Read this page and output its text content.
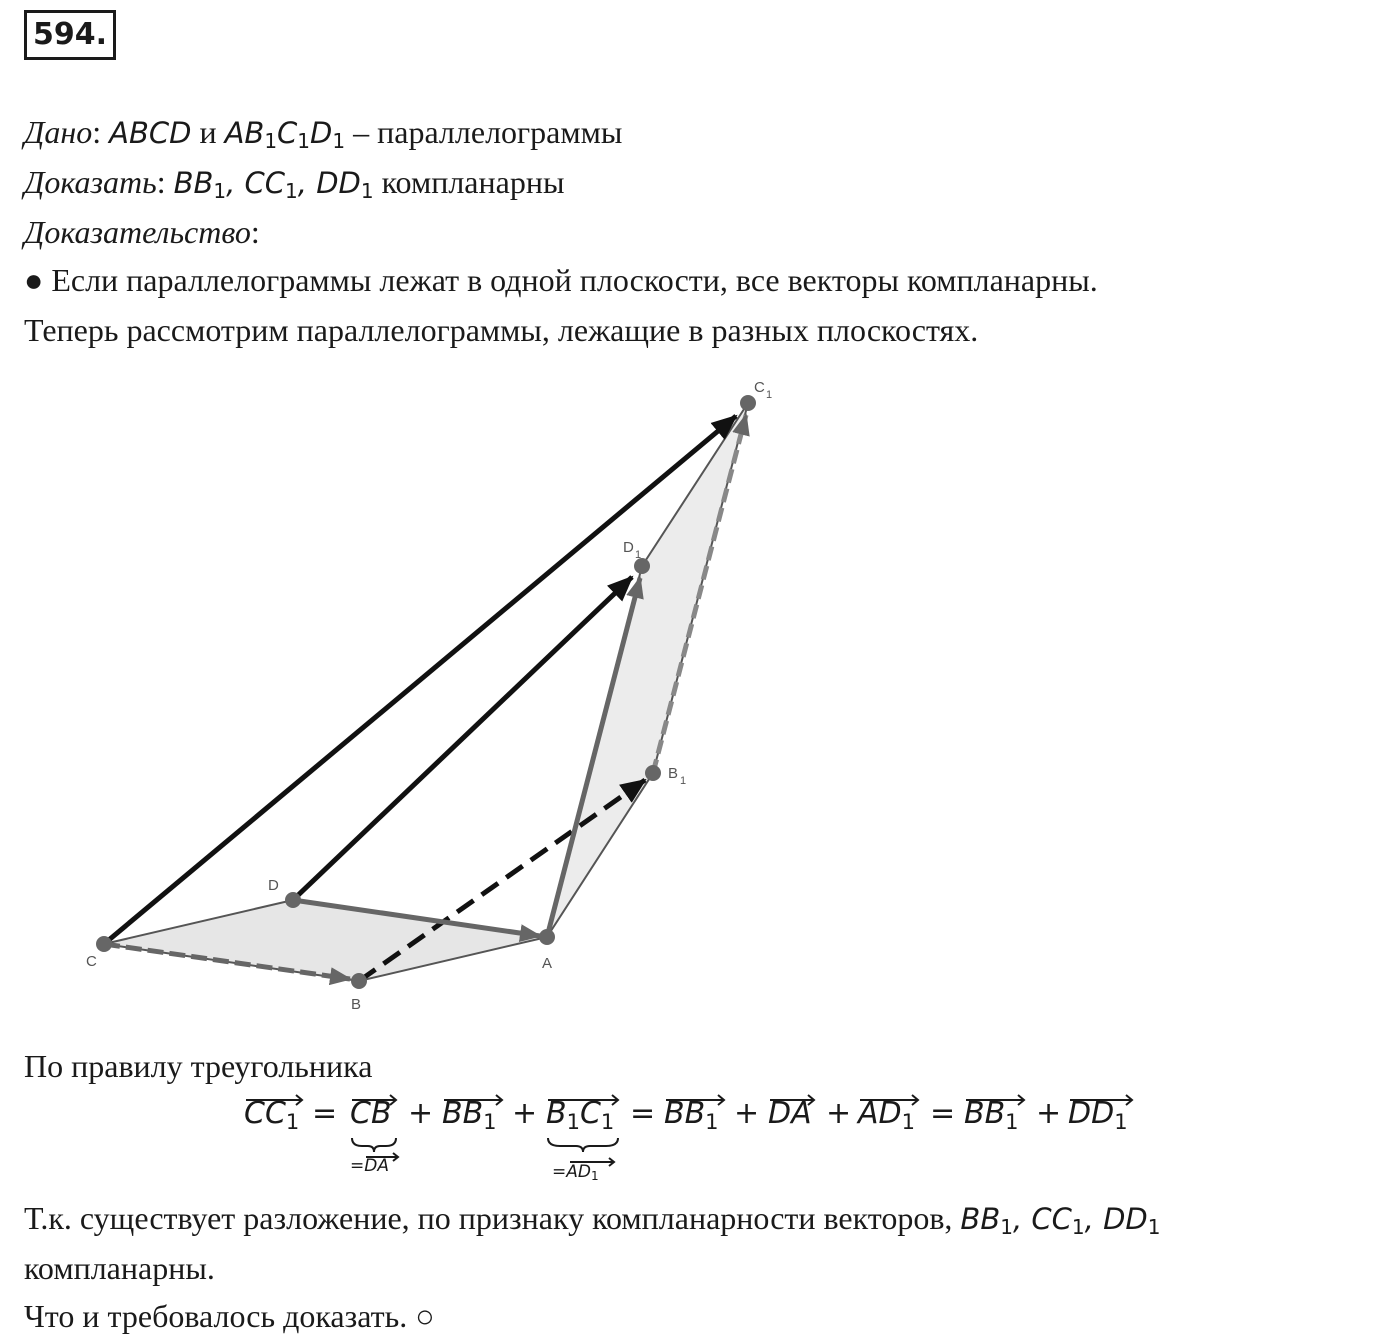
594.
Дано: ABCD и $AB_1C_1D_1$ – параллелограммы
Доказать: $BB_1$, $CC_1$, $DD_1$ компланарны
Доказательство:
● Если параллелограммы лежат в одной плоскости, все векторы компланарны.
Теперь рассмотрим параллелограммы, лежащие в разных плоскостях.
C
D
B
A
B 1
D 1
C 1
По правилу треугольника
$CC_1$ = CB + $BB_1 + B_1C_1 = BB_1$ + DA + $AD_1 = BB_1 + DD_1$
=DA	$=AD_1$
Т.к. существует разложение, по признаку компланарности векторов, $BB_1$, $CC_1$, $DD_1$
компланарны.
Что и требовалось доказать. ○
